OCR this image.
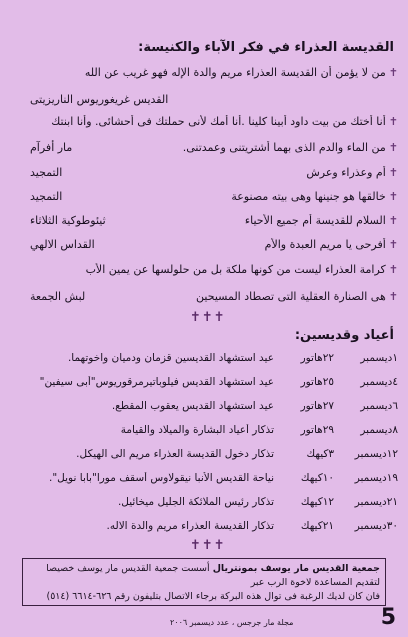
القديسة العذراء في فكر الآباء والكنيسة:
✝من لا يؤمن أن القديسة العذراء مريم والدة الإله فهو غريب عن الله
القديس غريغوريوس الناريزيتى
✝أنا أختك من بيت داود أبينا كلينا .أنا أمك لأنى حملتك فى أحشائى. وأنا ابنتك
✝من الماء والدم الذى بهما أشتريتنى وعمدتنى.
مار أفرآم
✝أم وعذراء وعرش
التمجيد
✝خالقها هو جنينها وهى بيته مصنوعة
التمجيد
✝السلام للقديسة أم جميع الأحياء
ثيئوطوكية الثلاثاء
✝أفرحى يا مريم العبدة والأم
القداس الالهي
✝كرامة العذراء ليست من كونها ملكة بل من حلولسها عن يمين الأب
✝هى الصنارة العقلية التى تصطاد المسيحين
لبش الجمعة
✝✝✝
أعياد وقديسين:
١ديسمبر
٢٢هاتور
عيد استشهاد القديسين قزمان ودميان واخوتهما.
٤ديسمبر
٢٥هاتور
عيد استشهاد القديس فيلوباتيرمرقوريوس"أبى سيفين"
٦ديسمبر
٢٧هاتور
عيد استشهاد القديس يعقوب المقطع.
٨ديسمبر
٢٩هاتور
تذكار أعياد البشارة والميلاد والقيامة
١٢ديسمبر
٣كيهك
تذكار دخول القديسة العذراء مريم الى الهيكل.
١٩ديسمبر
١٠كيهك
نياحة القديس الأنبا نيقولاوس أسقف مورا"بابا نويل".
٢١ديسمبر
١٢كيهك
تذكار رئيس الملائكة الجليل ميخائيل.
٣٠ديسمبر
٢١كيهك
تذكار القديسة العذراء مريم والدة الاله.
✝✝✝
جمعية القديس مار يوسف بمونتريال أسست جمعية القديس مار يوسف خصيصا لتقديم المساعدة لاخوة الرب عبر
فان كان لديك الرغبة فى توال هذه البركة برجاء الاتصال بتليفون رقم ٦٢٦-٦٦١٤ (٥١٤)
مجلة مار جرجس ، عدد ديسمبر ٢٠٠٦	5
